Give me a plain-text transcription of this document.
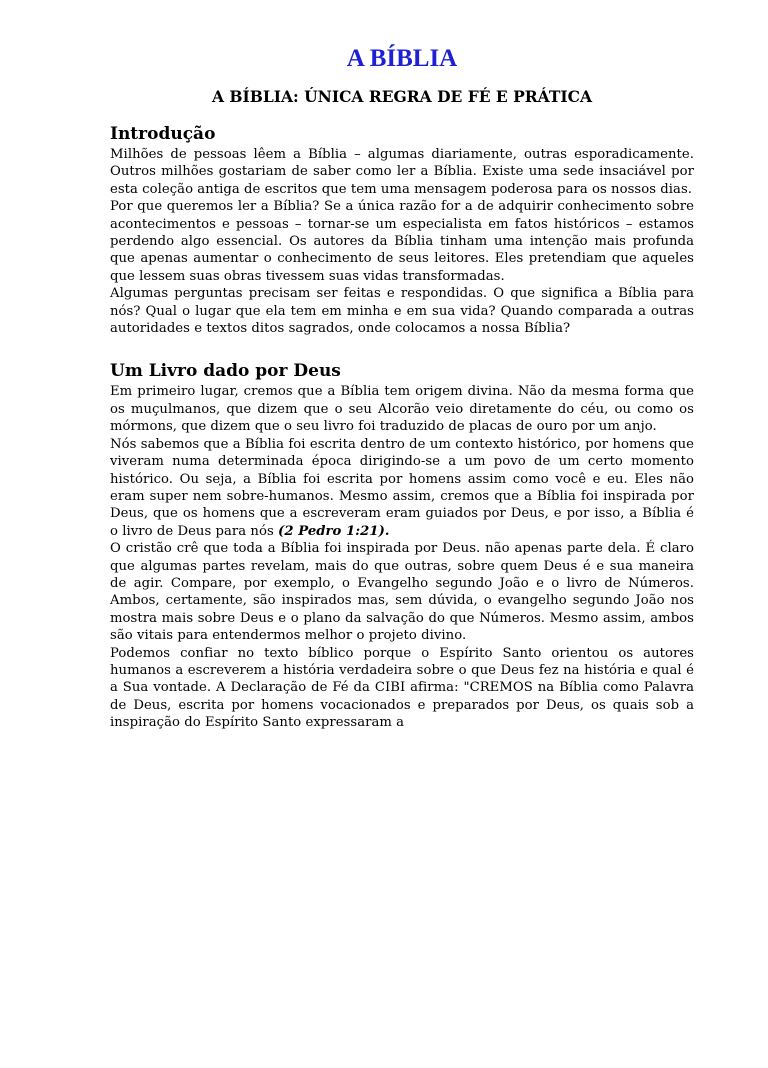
A BÍBLIA
A BÍBLIA: ÚNICA REGRA DE FÉ E PRÁTICA
Introdução

Milhões de pessoas lêem a Bíblia – algumas diariamente, outras esporadicamente. Outros milhões gostariam de saber como ler a Bíblia. Existe uma sede insaciável por esta coleção antiga de escritos que tem uma mensagem poderosa para os nossos dias.

Por que queremos ler a Bíblia? Se a única razão for a de adquirir conhecimento sobre acontecimentos e pessoas – tornar-se um especialista em fatos históricos – estamos perdendo algo essencial. Os autores da Bíblia tinham uma intenção mais profunda que apenas aumentar o conhecimento de seus leitores. Eles pretendiam que aqueles que lessem suas obras tivessem suas vidas transformadas.

Algumas perguntas precisam ser feitas e respondidas. O que significa a Bíblia para nós? Qual o lugar que ela tem em minha e em sua vida? Quando comparada a outras autoridades e textos ditos sagrados, onde colocamos a nossa Bíblia?

Um Livro dado por Deus

Em primeiro lugar, cremos que a Bíblia tem origem divina. Não da mesma forma que os muçulmanos, que dizem que o seu Alcorão veio diretamente do céu, ou como os mórmons, que dizem que o seu livro foi traduzido de placas de ouro por um anjo.

Nós sabemos que a Bíblia foi escrita dentro de um contexto histórico, por homens que viveram numa determinada época dirigindo-se a um povo de um certo momento histórico. Ou seja, a Bíblia foi escrita por homens assim como você e eu. Eles não eram super nem sobre-humanos. Mesmo assim, cremos que a Bíblia foi inspirada por Deus, que os homens que a escreveram eram guiados por Deus, e por isso, a Bíblia é o livro de Deus para nós (2 Pedro 1:21).

O cristão crê que toda a Bíblia foi inspirada por Deus. não apenas parte dela. É claro que algumas partes revelam, mais do que outras, sobre quem Deus é e sua maneira de agir. Compare, por exemplo, o Evangelho segundo João e o livro de Números. Ambos, certamente, são inspirados mas, sem dúvida, o evangelho segundo João nos mostra mais sobre Deus e o plano da salvação do que Números. Mesmo assim, ambos são vitais para entendermos melhor o projeto divino.

Podemos confiar no texto bíblico porque o Espírito Santo orientou os autores humanos a escreverem a história verdadeira sobre o que Deus fez na história e qual é a Sua vontade. A Declaração de Fé da CIBI afirma: "CREMOS na Bíblia como Palavra de Deus, escrita por homens vocacionados e preparados por Deus, os quais sob a inspiração do Espírito Santo expressaram a
